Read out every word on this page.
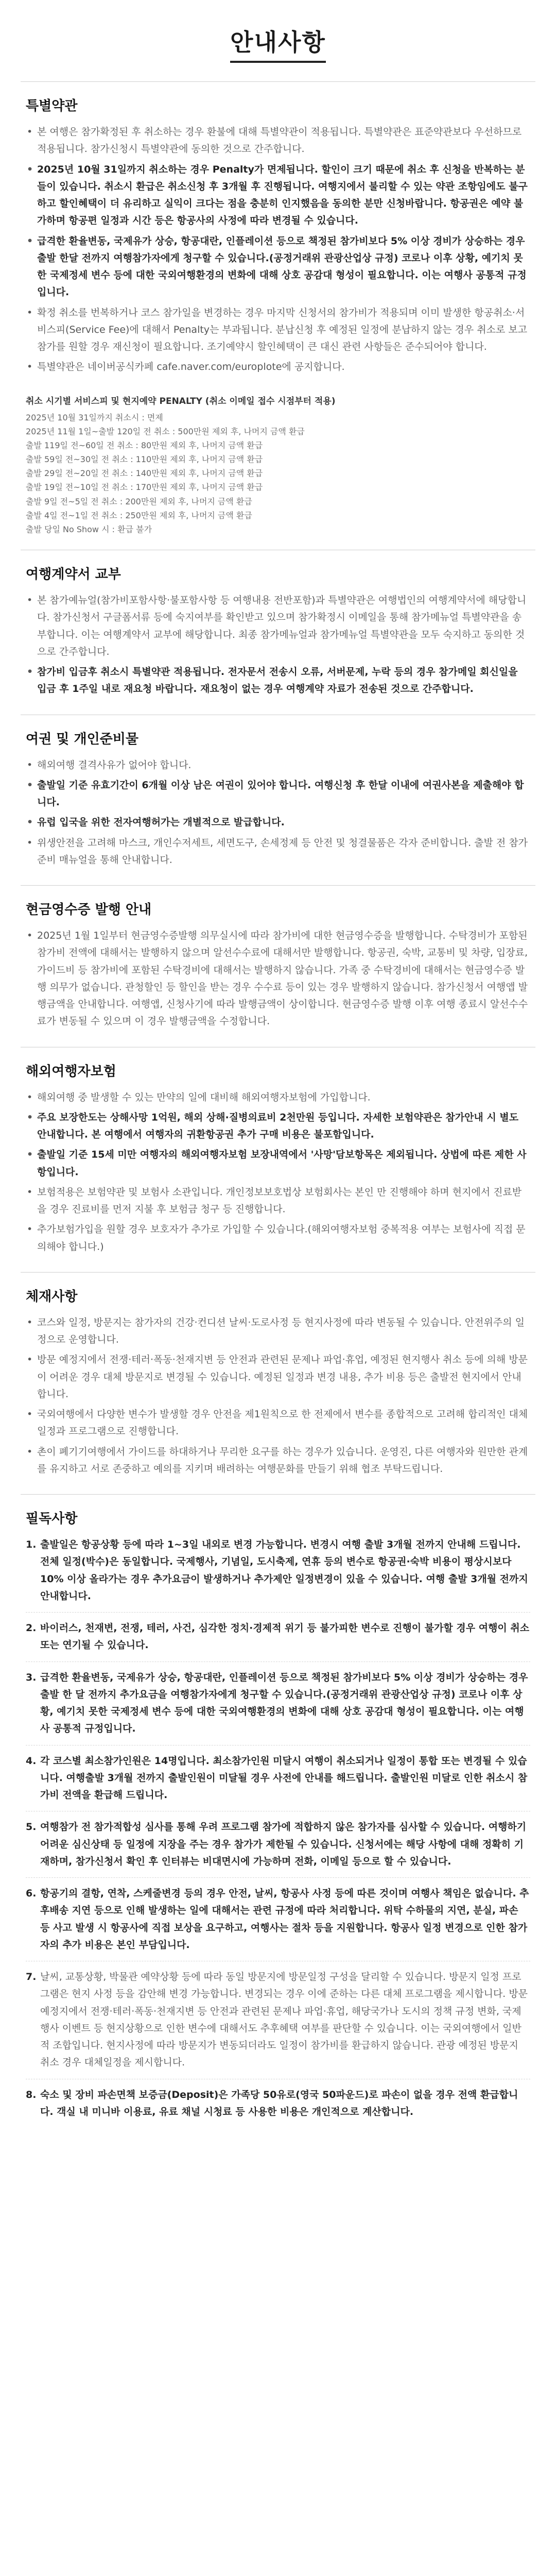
안내사항
특별약관
• 본 여행은 참가확정된 후 취소하는 경우 환불에 대해 특별약관이 적용됩니다. 특별약관은 표준약관보다 우선하므로 적용됩니다. 참가신청시 특별약관에 동의한 것으로 간주합니다.
• 2025년 10월 31일까지 취소하는 경우 Penalty가 면제됩니다. 할인이 크기 때문에 취소 후 신청을 반복하는 분들이 있습니다. 취소시 환급은 취소신청 후 3개월 후 진행됩니다. 여행지에서 불리할 수 있는 약관 조항임에도 불구하고 할인혜택이 더 유리하고 실익이 크다는 점을 충분히 인지했음을 동의한 분만 신청바랍니다. 항공권은 예약 불가하며 항공편 일정과 시간 등은 항공사의 사정에 따라 변경될 수 있습니다.
• 급격한 환율변동, 국제유가 상승, 항공대란, 인플레이션 등으로 책정된 참가비보다 5% 이상 경비가 상승하는 경우 출발 한달 전까지 여행참가자에게 청구할 수 있습니다.(공정거래위 관광산업상 규정) 코로나 이후 상황, 예기치 못한 국제정세 변수 등에 대한 국외여행환경의 변화에 대해 상호 공감대 형성이 필요합니다. 이는 여행사 공통적 규정입니다.
• 확정 취소를 번복하거나 코스 참가일을 변경하는 경우 마지막 신청서의 참가비가 적용되며 이미 발생한 항공취소·서비스피(Service Fee)에 대해서 Penalty는 부과됩니다. 분납신청 후 예정된 일정에 분납하지 않는 경우 취소로 보고 참가를 원할 경우 재신청이 필요합니다. 조기예약시 할인혜택이 큰 대신 관련 사항들은 준수되어야 합니다.
• 특별약관은 네이버공식카페 cafe.naver.com/europlote에 공지합니다.
취소 시기별 서비스피 및 현지예약 PENALTY (취소 이메일 접수 시점부터 적용)
2025년 10월 31일까지 취소시 : 면제
2025년 11월 1일~출발 120일 전 취소 : 500만원 제외 후, 나머지 금액 환급
출발 119일 전~60일 전 취소 : 80만원 제외 후, 나머지 금액 환급
출발 59일 전~30일 전 취소 : 110만원 제외 후, 나머지 금액 환급
출발 29일 전~20일 전 취소 : 140만원 제외 후, 나머지 금액 환급
출발 19일 전~10일 전 취소 : 170만원 제외 후, 나머지 금액 환급
출발 9일 전~5일 전 취소 : 200만원 제외 후, 나머지 금액 환급
출발 4일 전~1일 전 취소 : 250만원 제외 후, 나머지 금액 환급
출발 당일 No Show 시 : 환급 불가
여행계약서 교부
• 본 참가예뉴얼(참가비포함사항·불포함사항 등 여행내용 전반포함)과 특별약관은 여행법인의 여행계약서에 해당합니다. 참가신청서 구글폼서류 등에 숙지여부를 확인받고 있으며 참가확정시 이메일을 통해 참가메뉴얼 특별약관을 송부합니다. 이는 여행계약서 교부에 해당합니다. 최종 참가메뉴얼과 참가메뉴얼 특별약관을 모두 숙지하고 동의한 것으로 간주합니다.
• 참가비 입금후 취소시 특별약관 적용됩니다. 전자문서 전송시 오류, 서버문제, 누락 등의 경우 참가메일 회신일을 입금 후 1주일 내로 재요청 바랍니다. 재요청이 없는 경우 여행계약 자료가 전송된 것으로 간주합니다.
여권 및 개인준비물
• 해외여행 결격사유가 없어야 합니다.
• 출발일 기준 유효기간이 6개월 이상 남은 여권이 있어야 합니다. 여행신청 후 한달 이내에 여권사본을 제출해야 합니다.
• 유럽 입국을 위한 전자여행허가는 개별적으로 발급합니다.
• 위생안전을 고려해 마스크, 개인수저세트, 세면도구, 손세정제 등 안전 및 청결물품은 각자 준비합니다. 출발 전 참가준비 매뉴얼을 통해 안내합니다.
현금영수증 발행 안내
• 2025년 1월 1일부터 현금영수증발행 의무실시에 따라 참가비에 대한 현금영수증을 발행합니다. 수탁경비가 포함된 참가비 전액에 대해서는 발행하지 않으며 알선수수료에 대해서만 발행합니다. 항공권, 숙박, 교통비 및 차량, 입장료, 가이드비 등 참가비에 포함된 수탁경비에 대해서는 발행하지 않습니다. 가족 중 수탁경비에 대해서는 현금영수증 발행 의무가 없습니다. 관청할인 등 할인을 받는 경우 수수료 등이 있는 경우 발행하지 않습니다. 참가신청서 여행앱 발행금액을 안내합니다. 여행앱, 신청사기에 따라 발행금액이 상이합니다. 현금영수증 발행 이후 여행 종료시 알선수수료가 변동될 수 있으며 이 경우 발행금액을 수정합니다.
해외여행자보험
• 해외여행 중 발생할 수 있는 만약의 일에 대비해 해외여행자보험에 가입합니다.
• 주요 보장한도는 상해사망 1억원, 해외 상해·질병의료비 2천만원 등입니다. 자세한 보험약관은 참가안내 시 별도 안내합니다. 본 여행에서 여행자의 귀환항공권 추가 구매 비용은 불포함입니다.
• 출발일 기준 15세 미만 여행자의 해외여행자보험 보장내역에서 '사망'담보항목은 제외됩니다. 상법에 따른 제한 사항입니다.
• 보험적용은 보험약관 및 보험사 소관입니다. 개인정보보호법상 보험회사는 본인 만 진행해야 하며 현지에서 진료받을 경우 진료비를 먼저 지불 후 보험금 청구 등 진행합니다.
• 추가보험가입을 원할 경우 보호자가 추가로 가입할 수 있습니다.(해외여행자보험 중복적용 여부는 보험사에 직접 문의해야 합니다.)
체재사항
• 코스와 일정, 방문지는 참가자의 건강·컨디션 날씨·도로사정 등 현지사정에 따라 변동될 수 있습니다. 안전위주의 일정으로 운영합니다.
• 방문 예정지에서 전쟁·테러·폭동·천재지변 등 안전과 관련된 문제나 파업·휴업, 예정된 현지행사 취소 등에 의해 방문이 어려운 경우 대체 방문지로 변경될 수 있습니다. 예정된 일정과 변경 내용, 추가 비용 등은 출발전 현지에서 안내합니다.
• 국외여행에서 다양한 변수가 발생할 경우 안전을 제1원칙으로 한 전제에서 변수를 종합적으로 고려해 합리적인 대체 일정과 프로그램으로 진행합니다.
• 촌이 폐기기여행에서 가이드를 하대하거나 무리한 요구를 하는 경우가 있습니다. 운영진, 다른 여행자와 원만한 관계를 유지하고 서로 존중하고 예의를 지키며 배려하는 여행문화를 만들기 위해 협조 부탁드립니다.
필독사항
1. 출발일은 항공상황 등에 따라 1~3일 내외로 변경 가능합니다. 변경시 여행 출발 3개월 전까지 안내해 드립니다. 전체 일정(박수)은 동일합니다. 국제행사, 기념일, 도시축제, 연휴 등의 변수로 항공권·숙박 비용이 평상시보다 10% 이상 올라가는 경우 추가요금이 발생하거나 추가제안 일정변경이 있을 수 있습니다. 여행 출발 3개월 전까지 안내합니다.
2. 바이러스, 천재변, 전쟁, 테러, 사건, 심각한 정치·경제적 위기 등 불가피한 변수로 진행이 불가할 경우 여행이 취소 또는 연기될 수 있습니다.
3. 급격한 환율변동, 국제유가 상승, 항공대란, 인플레이션 등으로 책정된 참가비보다 5% 이상 경비가 상승하는 경우 출발 한 달 전까지 추가요금을 여행참가자에게 청구할 수 있습니다.(공정거래위 관광산업상 규정) 코로나 이후 상황, 예기치 못한 국제정세 변수 등에 대한 국외여행환경의 변화에 대해 상호 공감대 형성이 필요합니다. 이는 여행사 공통적 규정입니다.
4. 각 코스별 최소참가인원은 14명입니다. 최소참가인원 미달시 여행이 취소되거나 일정이 통합 또는 변경될 수 있습니다. 여행출발 3개월 전까지 출발인원이 미달될 경우 사전에 안내를 해드립니다. 출발인원 미달로 인한 취소시 참가비 전액을 환급해 드립니다.
5. 여행참가 전 참가적합성 심사를 통해 우려 프로그램 참가에 적합하지 않은 참가자를 심사할 수 있습니다. 여행하기 어려운 심신상태 등 일정에 지장을 주는 경우 참가가 제한될 수 있습니다. 신청서에는 해당 사항에 대해 정확히 기재하며, 참가신청서 확인 후 인터뷰는 비대면시에 가능하며 전화, 이메일 등으로 할 수 있습니다.
6. 항공기의 결항, 연착, 스케줄변경 등의 경우 안전, 날씨, 항공사 사정 등에 따른 것이며 여행사 책임은 없습니다. 추후배송 지연 등으로 인해 발생하는 일에 대해서는 관련 규정에 따라 처리합니다. 위탁 수하물의 지연, 분실, 파손 등 사고 발생 시 항공사에 직접 보상을 요구하고, 여행사는 절차 등을 지원합니다. 항공사 일정 변경으로 인한 참가자의 추가 비용은 본인 부담입니다.
7. 날씨, 교통상황, 박물관 예약상황 등에 따라 동일 방문지에 방문일정 구성을 달리할 수 있습니다. 방문지 일정 프로그램은 현지 사정 등을 감안해 변경 가능합니다. 변경되는 경우 이에 준하는 다른 대체 프로그램을 제시합니다. 방문 예정지에서 전쟁·테러·폭동·천재지변 등 안전과 관련된 문제나 파업·휴업, 해당국가나 도시의 정책 규정 변화, 국제행사 이벤트 등 현지상황으로 인한 변수에 대해서도 추후혜택 여부를 판단할 수 있습니다. 이는 국외여행에서 일반적 조합입니다. 현지사정에 따라 방문지가 변동되더라도 일정이 참가비를 환급하지 않습니다. 관광 예정된 방문지 취소 경우 대체일정을 제시합니다.
8. 숙소 및 장비 파손면책 보증금(Deposit)은 가족당 50유로(영국 50파운드)로 파손이 없을 경우 전액 환급합니다. 객실 내 미니바 이용료, 유료 채널 시청료 등 사용한 비용은 개인적으로 계산합니다.
